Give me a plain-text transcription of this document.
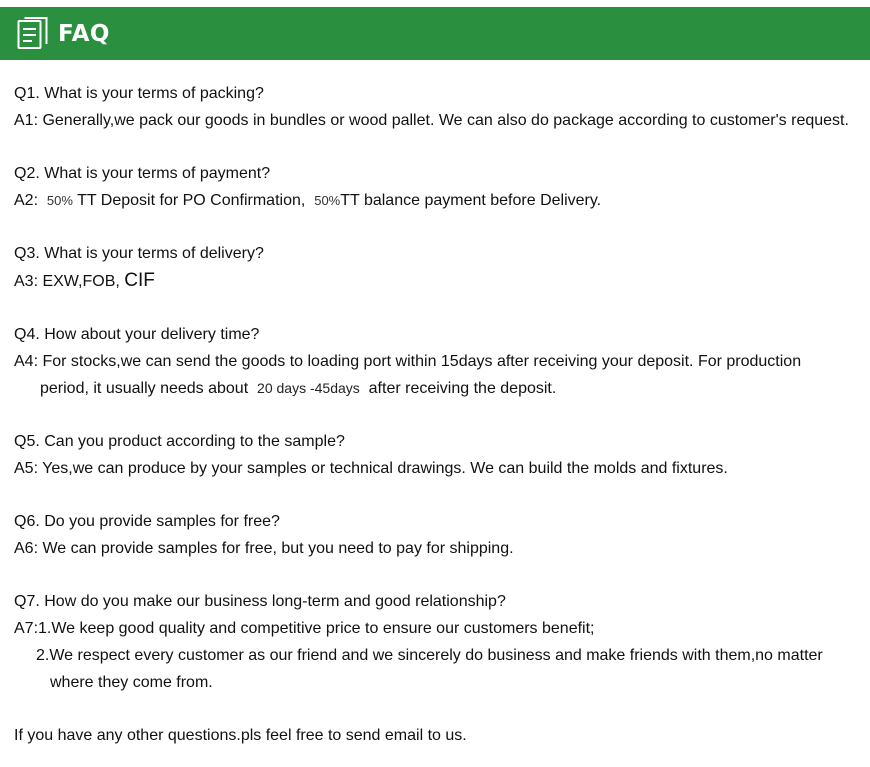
FAQ
Q1. What is your terms of packing?
A1: Generally,we pack our goods in bundles or wood pallet. We can also do package according to customer's request.
Q2. What is your terms of payment?
A2: 50% TT Deposit for PO Confirmation, 50%TT balance payment before Delivery.
Q3. What is your terms of delivery?
A3: EXW,FOB, CIF
Q4. How about your delivery time?
A4: For stocks,we can send the goods to loading port within 15days after receiving your deposit. For production
period, it usually needs about 20 days -45days after receiving the deposit.
Q5. Can you product according to the sample?
A5: Yes,we can produce by your samples or technical drawings. We can build the molds and fixtures.
Q6. Do you provide samples for free?
A6: We can provide samples for free, but you need to pay for shipping.
Q7. How do you make our business long-term and good relationship?
A7:1.We keep good quality and competitive price to ensure our customers benefit;
2.We respect every customer as our friend and we sincerely do business and make friends with them,no matter
where they come from.
If you have any other questions.pls feel free to send email to us.
